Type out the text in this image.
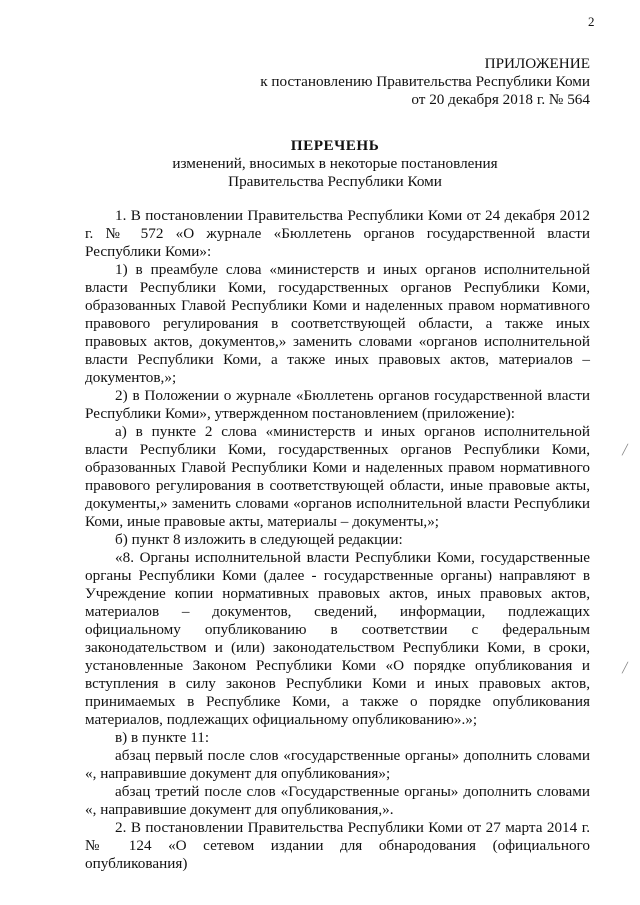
2
ПРИЛОЖЕНИЕ
к постановлению Правительства Республики Коми
от 20 декабря 2018 г. № 564
ПЕРЕЧЕНЬ
изменений, вносимых в некоторые постановления
Правительства Республики Коми

1. В постановлении Правительства Республики Коми от 24 декабря 2012 г. № 572 «О журнале «Бюллетень органов государственной власти Республики Коми»:

1) в преамбуле слова «министерств и иных органов исполнительной власти Республики Коми, государственных органов Республики Коми, образованных Главой Республики Коми и наделенных правом нормативного правового регулирования в соответствующей области, а также иных правовых актов, документов,» заменить словами «органов исполнительной власти Республики Коми, а также иных правовых актов, материалов – документов,»;

2) в Положении о журнале «Бюллетень органов государственной власти Республики Коми», утвержденном постановлением (приложение):

а) в пункте 2 слова «министерств и иных органов исполнительной власти Республики Коми, государственных органов Республики Коми, образованных Главой Республики Коми и наделенных правом нормативного правового регулирования в соответствующей области, иные правовые акты, документы,» заменить словами «органов исполнительной власти Республики Коми, иные правовые акты, материалы – документы,»;

б) пункт 8 изложить в следующей редакции:

«8. Органы исполнительной власти Республики Коми, государственные органы Республики Коми (далее - государственные органы) направляют в Учреждение копии нормативных правовых актов, иных правовых актов, материалов – документов, сведений, информации, подлежащих официальному опубликованию в соответствии с федеральным законодательством и (или) законодательством Республики Коми, в сроки, установленные Законом Республики Коми «О порядке опубликования и вступления в силу законов Республики Коми и иных правовых актов, принимаемых в Республике Коми, а также о порядке опубликования материалов, подлежащих официальному опубликованию».»;

в) в пункте 11:

абзац первый после слов «государственные органы» дополнить словами «, направившие документ для опубликования»;

абзац третий после слов «Государственные органы» дополнить словами «, направившие документ для опубликования,».

2. В постановлении Правительства Республики Коми от 27 марта 2014 г. № 124 «О сетевом издании для обнародования (официального опубликования)

╱
╱
